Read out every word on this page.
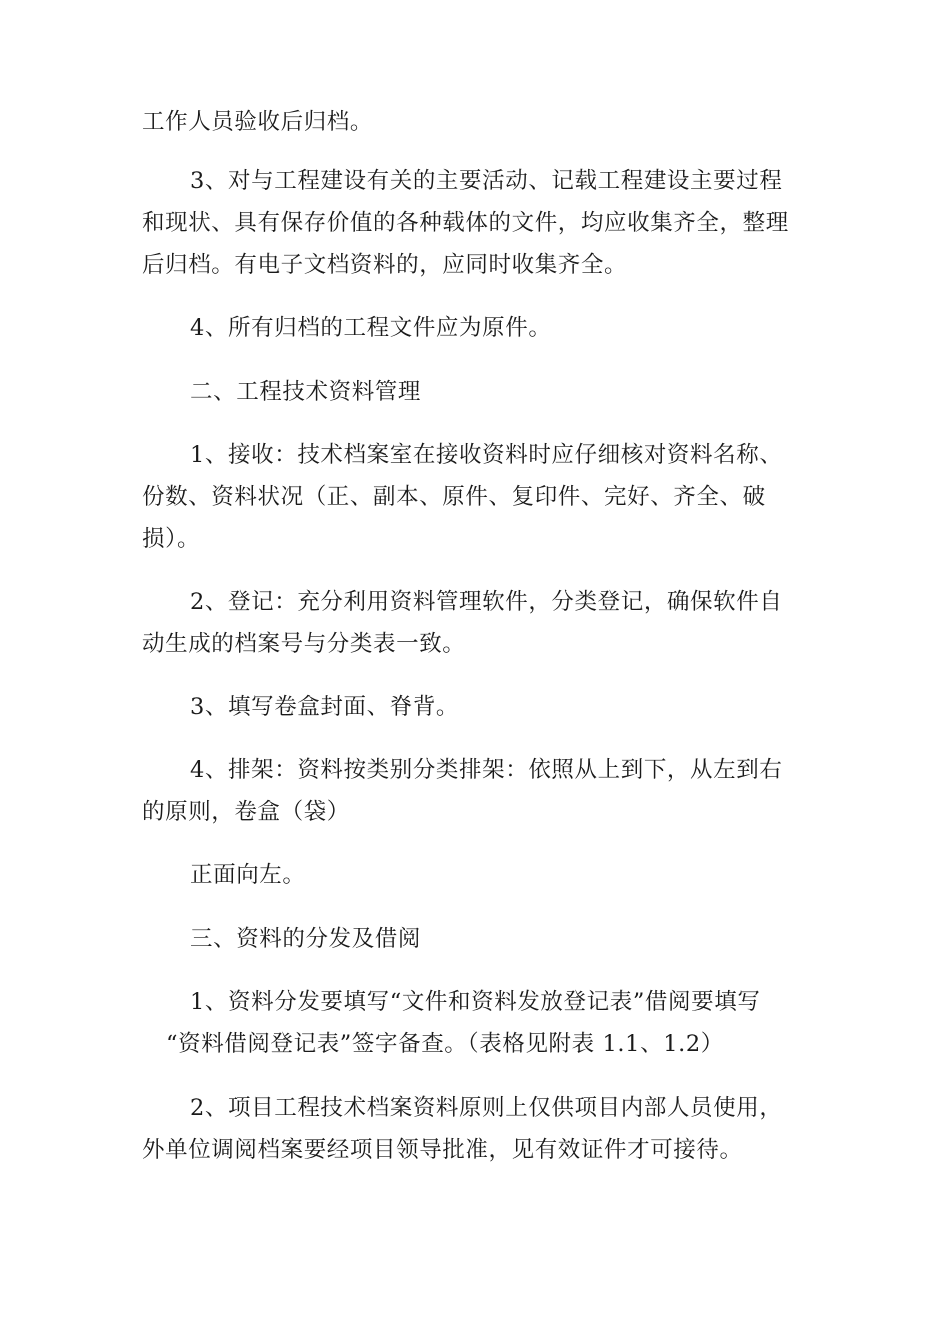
工作人员验收后归档。
3、对与工程建设有关的主要活动、记载工程建设主要过程
和现状、具有保存价值的各种载体的文件，均应收集齐全，整理
后归档。有电子文档资料的，应同时收集齐全。
4、所有归档的工程文件应为原件。
二、工程技术资料管理
1、接收：技术档案室在接收资料时应仔细核对资料名称、
份数、资料状况（正、副本、原件、复印件、完好、齐全、破
损）。
2、登记：充分利用资料管理软件，分类登记，确保软件自
动生成的档案号与分类表一致。
3、填写卷盒封面、脊背。
4、排架：资料按类别分类排架：依照从上到下，从左到右
的原则，卷盒（袋）
正面向左。
三、资料的分发及借阅
1、资料分发要填写“文件和资料发放登记表”借阅要填写
“资料借阅登记表”签字备查。（表格见附表 1.1、1.2）
2、项目工程技术档案资料原则上仅供项目内部人员使用，
外单位调阅档案要经项目领导批准，见有效证件才可接待。
